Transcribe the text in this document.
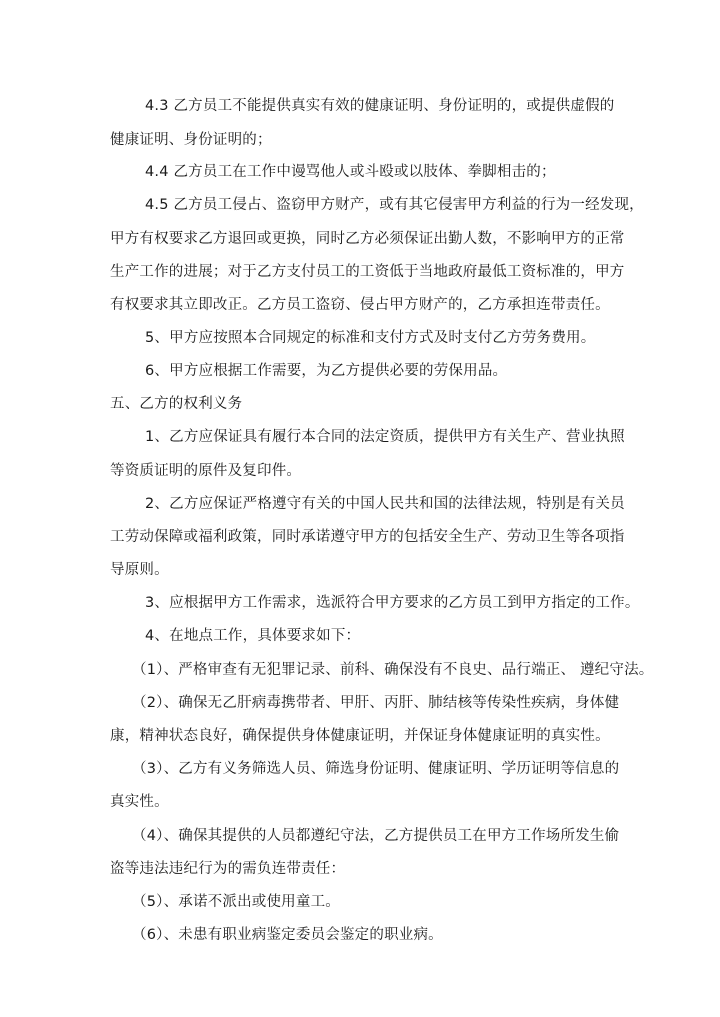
4.3 乙方员工不能提供真实有效的健康证明、身份证明的，或提供虚假的
健康证明、身份证明的；
4.4 乙方员工在工作中谩骂他人或斗殴或以肢体、拳脚相击的；
4.5 乙方员工侵占、盗窃甲方财产，或有其它侵害甲方利益的行为一经发现，
甲方有权要求乙方退回或更换，同时乙方必须保证出勤人数，不影响甲方的正常
生产工作的进展；对于乙方支付员工的工资低于当地政府最低工资标准的，甲方
有权要求其立即改正。乙方员工盗窃、侵占甲方财产的，乙方承担连带责任。
5、甲方应按照本合同规定的标准和支付方式及时支付乙方劳务费用。
6、甲方应根据工作需要，为乙方提供必要的劳保用品。
五、乙方的权利义务
1、乙方应保证具有履行本合同的法定资质，提供甲方有关生产、营业执照
等资质证明的原件及复印件。
2、乙方应保证严格遵守有关的中国人民共和国的法律法规，特别是有关员
工劳动保障或福利政策，同时承诺遵守甲方的包括安全生产、劳动卫生等各项指
导原则。
3、应根据甲方工作需求，选派符合甲方要求的乙方员工到甲方指定的工作。
4、在地点工作，具体要求如下：
（1）、严格审查有无犯罪记录、前科、确保没有不良史、品行端正、 遵纪守法。
（2）、确保无乙肝病毒携带者、甲肝、丙肝、肺结核等传染性疾病，身体健
康，精神状态良好，确保提供身体健康证明，并保证身体健康证明的真实性。
（3）、乙方有义务筛选人员、筛选身份证明、健康证明、学历证明等信息的
真实性。
（4）、确保其提供的人员都遵纪守法，乙方提供员工在甲方工作场所发生偷
盗等违法违纪行为的需负连带责任：
（5）、承诺不派出或使用童工。
（6）、未患有职业病鉴定委员会鉴定的职业病。
